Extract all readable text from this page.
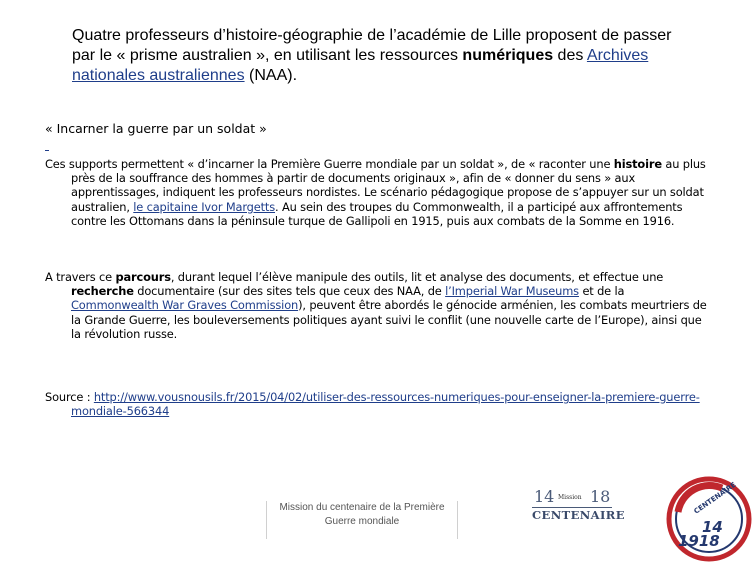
Quatre professeurs d’histoire-géographie de l’académie de Lille proposent de passer par le « prisme australien », en utilisant les ressources numériques des Archives nationales australiennes (NAA).
« Incarner la guerre par un soldat »
Ces supports permettent « d’incarner la Première Guerre mondiale par un soldat », de « raconter une histoire au plus près de la souffrance des hommes à partir de documents originaux », afin de « donner du sens » aux apprentissages, indiquent les professeurs nordistes. Le scénario pédagogique propose de s’appuyer sur un soldat australien, le capitaine Ivor Margetts. Au sein des troupes du Commonwealth, il a participé aux affrontements contre les Ottomans dans la péninsule turque de Gallipoli en 1915, puis aux combats de la Somme en 1916.
A travers ce parcours, durant lequel l’élève manipule des outils, lit et analyse des documents, et effectue une recherche documentaire (sur des sites tels que ceux des NAA, de l’Imperial War Museums et de la Commonwealth War Graves Commission), peuvent être abordés le génocide arménien, les combats meurtriers de la Grande Guerre, les bouleversements politiques ayant suivi le conflit (une nouvelle carte de l’Europe), ainsi que la révolution russe.
Source : http://www.vousnousils.fr/2015/04/02/utiliser-des-ressources-numeriques-pour-enseigner-la-premiere-guerre-mondiale-566344
Mission du centenaire de la Première
Guerre mondiale
14 Mission 18
CENTENAIRE	CENTENAIRE
14
1918
